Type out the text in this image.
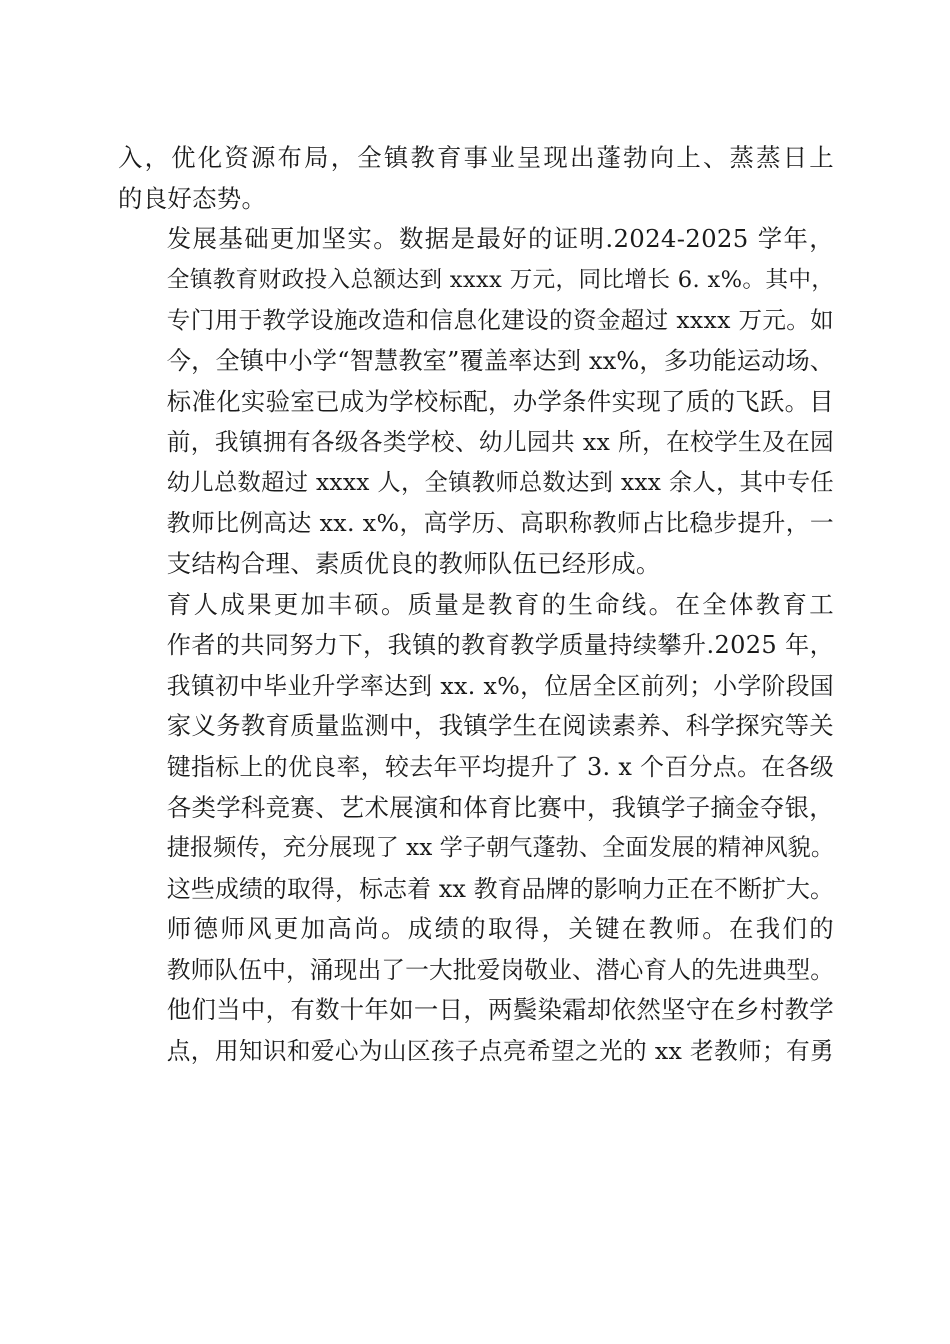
入，优化资源布局，全镇教育事业呈现出蓬勃向上、蒸蒸日上
的良好态势。
发展基础更加坚实。数据是最好的证明.2024-2025 学年，
全镇教育财政投入总额达到 xxxx 万元，同比增长 6. x%。其中，
专门用于教学设施改造和信息化建设的资金超过 xxxx 万元。如
今，全镇中小学“智慧教室”覆盖率达到 xx%，多功能运动场、
标准化实验室已成为学校标配，办学条件实现了质的飞跃。目
前，我镇拥有各级各类学校、幼儿园共 xx 所，在校学生及在园
幼儿总数超过 xxxx 人，全镇教师总数达到 xxx 余人，其中专任
教师比例高达 xx. x%，高学历、高职称教师占比稳步提升，一
支结构合理、素质优良的教师队伍已经形成。
育人成果更加丰硕。质量是教育的生命线。在全体教育工
作者的共同努力下，我镇的教育教学质量持续攀升.2025 年，
我镇初中毕业升学率达到 xx. x%，位居全区前列；小学阶段国
家义务教育质量监测中，我镇学生在阅读素养、科学探究等关
键指标上的优良率，较去年平均提升了 3. x 个百分点。在各级
各类学科竞赛、艺术展演和体育比赛中，我镇学子摘金夺银，
捷报频传，充分展现了 xx 学子朝气蓬勃、全面发展的精神风貌。
这些成绩的取得，标志着 xx 教育品牌的影响力正在不断扩大。
师德师风更加高尚。成绩的取得，关键在教师。在我们的
教师队伍中，涌现出了一大批爱岗敬业、潜心育人的先进典型。
他们当中，有数十年如一日，两鬓染霜却依然坚守在乡村教学
点，用知识和爱心为山区孩子点亮希望之光的 xx 老教师；有勇
